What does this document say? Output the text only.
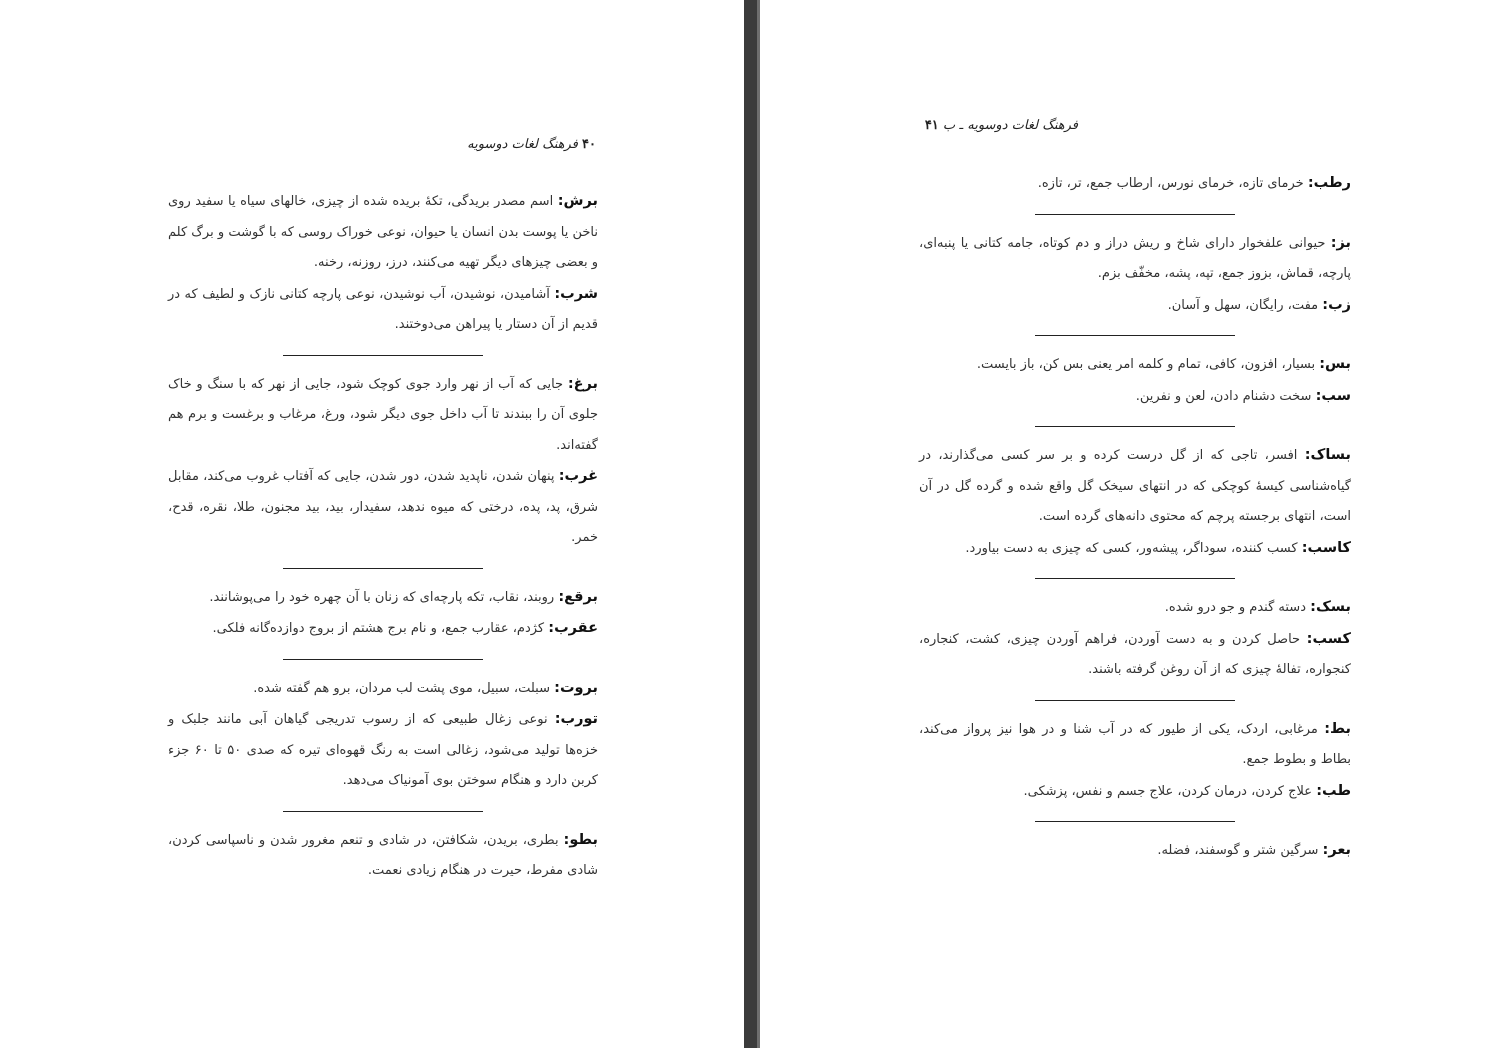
۴۰ فرهنگ لغات دوسویه

برش: اسم مصدر بریدگی، تکهٔ بریده شده از چیزی، خالهای سیاه یا سفید روی ناخن یا پوست بدن انسان یا حیوان، نوعی خوراک روسی که با گوشت و برگ کلم و بعضی چیزهای دیگر تهیه می‌کنند، درز، روزنه، رخنه.

شرب: آشامیدن، نوشیدن، آب نوشیدن، نوعی پارچه کتانی نازک و لطیف که در قدیم از آن دستار یا پیراهن می‌دوختند.

برغ: جایی که آب از نهر وارد جوی کوچک شود، جایی از نهر که با سنگ و خاک جلوی آن را ببندند تا آب داخل جوی دیگر شود، ورغ، مرغاب و برغست و برم هم گفته‌اند.

غرب: پنهان شدن، ناپدید شدن، دور شدن، جایی که آفتاب غروب می‌کند، مقابل شرق، پد، پده، درختی که میوه ندهد، سفیدار، بید، بید مجنون، طلا، نقره، قدح، خمر.

برقع: روبند، نقاب، تکه پارچه‌ای که زنان با آن چهره خود را می‌پوشانند.

عقرب: کژدم، عقارب جمع، و نام برج هشتم از بروج دوازده‌گانه فلکی.

بروت: سبلت، سبیل، موی پشت لب مردان، برو هم گفته شده.

تورب: نوعی زغال طبیعی که از رسوب تدریجی گیاهان آبی مانند جلبک و خزه‌ها تولید می‌شود، زغالی است به رنگ قهوه‌ای تیره که صدی ۵۰ تا ۶۰ جزء کربن دارد و هنگام سوختن بوی آمونیاک می‌دهد.

بطو: بطری، بریدن، شکافتن، در شادی و تنعم مغرور شدن و ناسپاسی کردن، شادی مفرط، حیرت در هنگام زیادی نعمت.

فرهنگ لغات دوسویه ـ ب ۴۱

رطب: خرمای تازه، خرمای نورس، ارطاب جمع، تر، تازه.

بز: حیوانی علفخوار دارای شاخ و ریش دراز و دم کوتاه، جامه کتانی یا پنبه‌ای، پارچه، قماش، بزوز جمع، تپه، پشه، مخفّف بزم.

زب: مفت، رایگان، سهل و آسان.

بس: بسیار، افزون، کافی، تمام و کلمه امر یعنی بس کن، باز بایست.

سب: سخت دشنام دادن، لعن و نفرین.

بساک: افسر، تاجی که از گل درست کرده و بر سر کسی می‌گذارند، در گیاه‌شناسی کیسهٔ کوچکی که در انتهای سیخک گل واقع شده و گرده گل در آن است، انتهای برجسته پرچم که محتوی دانه‌های گرده است.

کاسب: کسب کننده، سوداگر، پیشه‌ور، کسی که چیزی به دست بیاورد.

بسک: دسته گندم و جو درو شده.

کسب: حاصل کردن و به دست آوردن، فراهم آوردن چیزی، کشت، کنجاره، کنجواره، تفالهٔ چیزی که از آن روغن گرفته باشند.

بط: مرغابی، اردک، یکی از طیور که در آب شنا و در هوا نیز پرواز می‌کند، بطاط و بطوط جمع.

طب: علاج کردن، درمان کردن، علاج جسم و نفس، پزشکی.

بعر: سرگین شتر و گوسفند، فضله.
